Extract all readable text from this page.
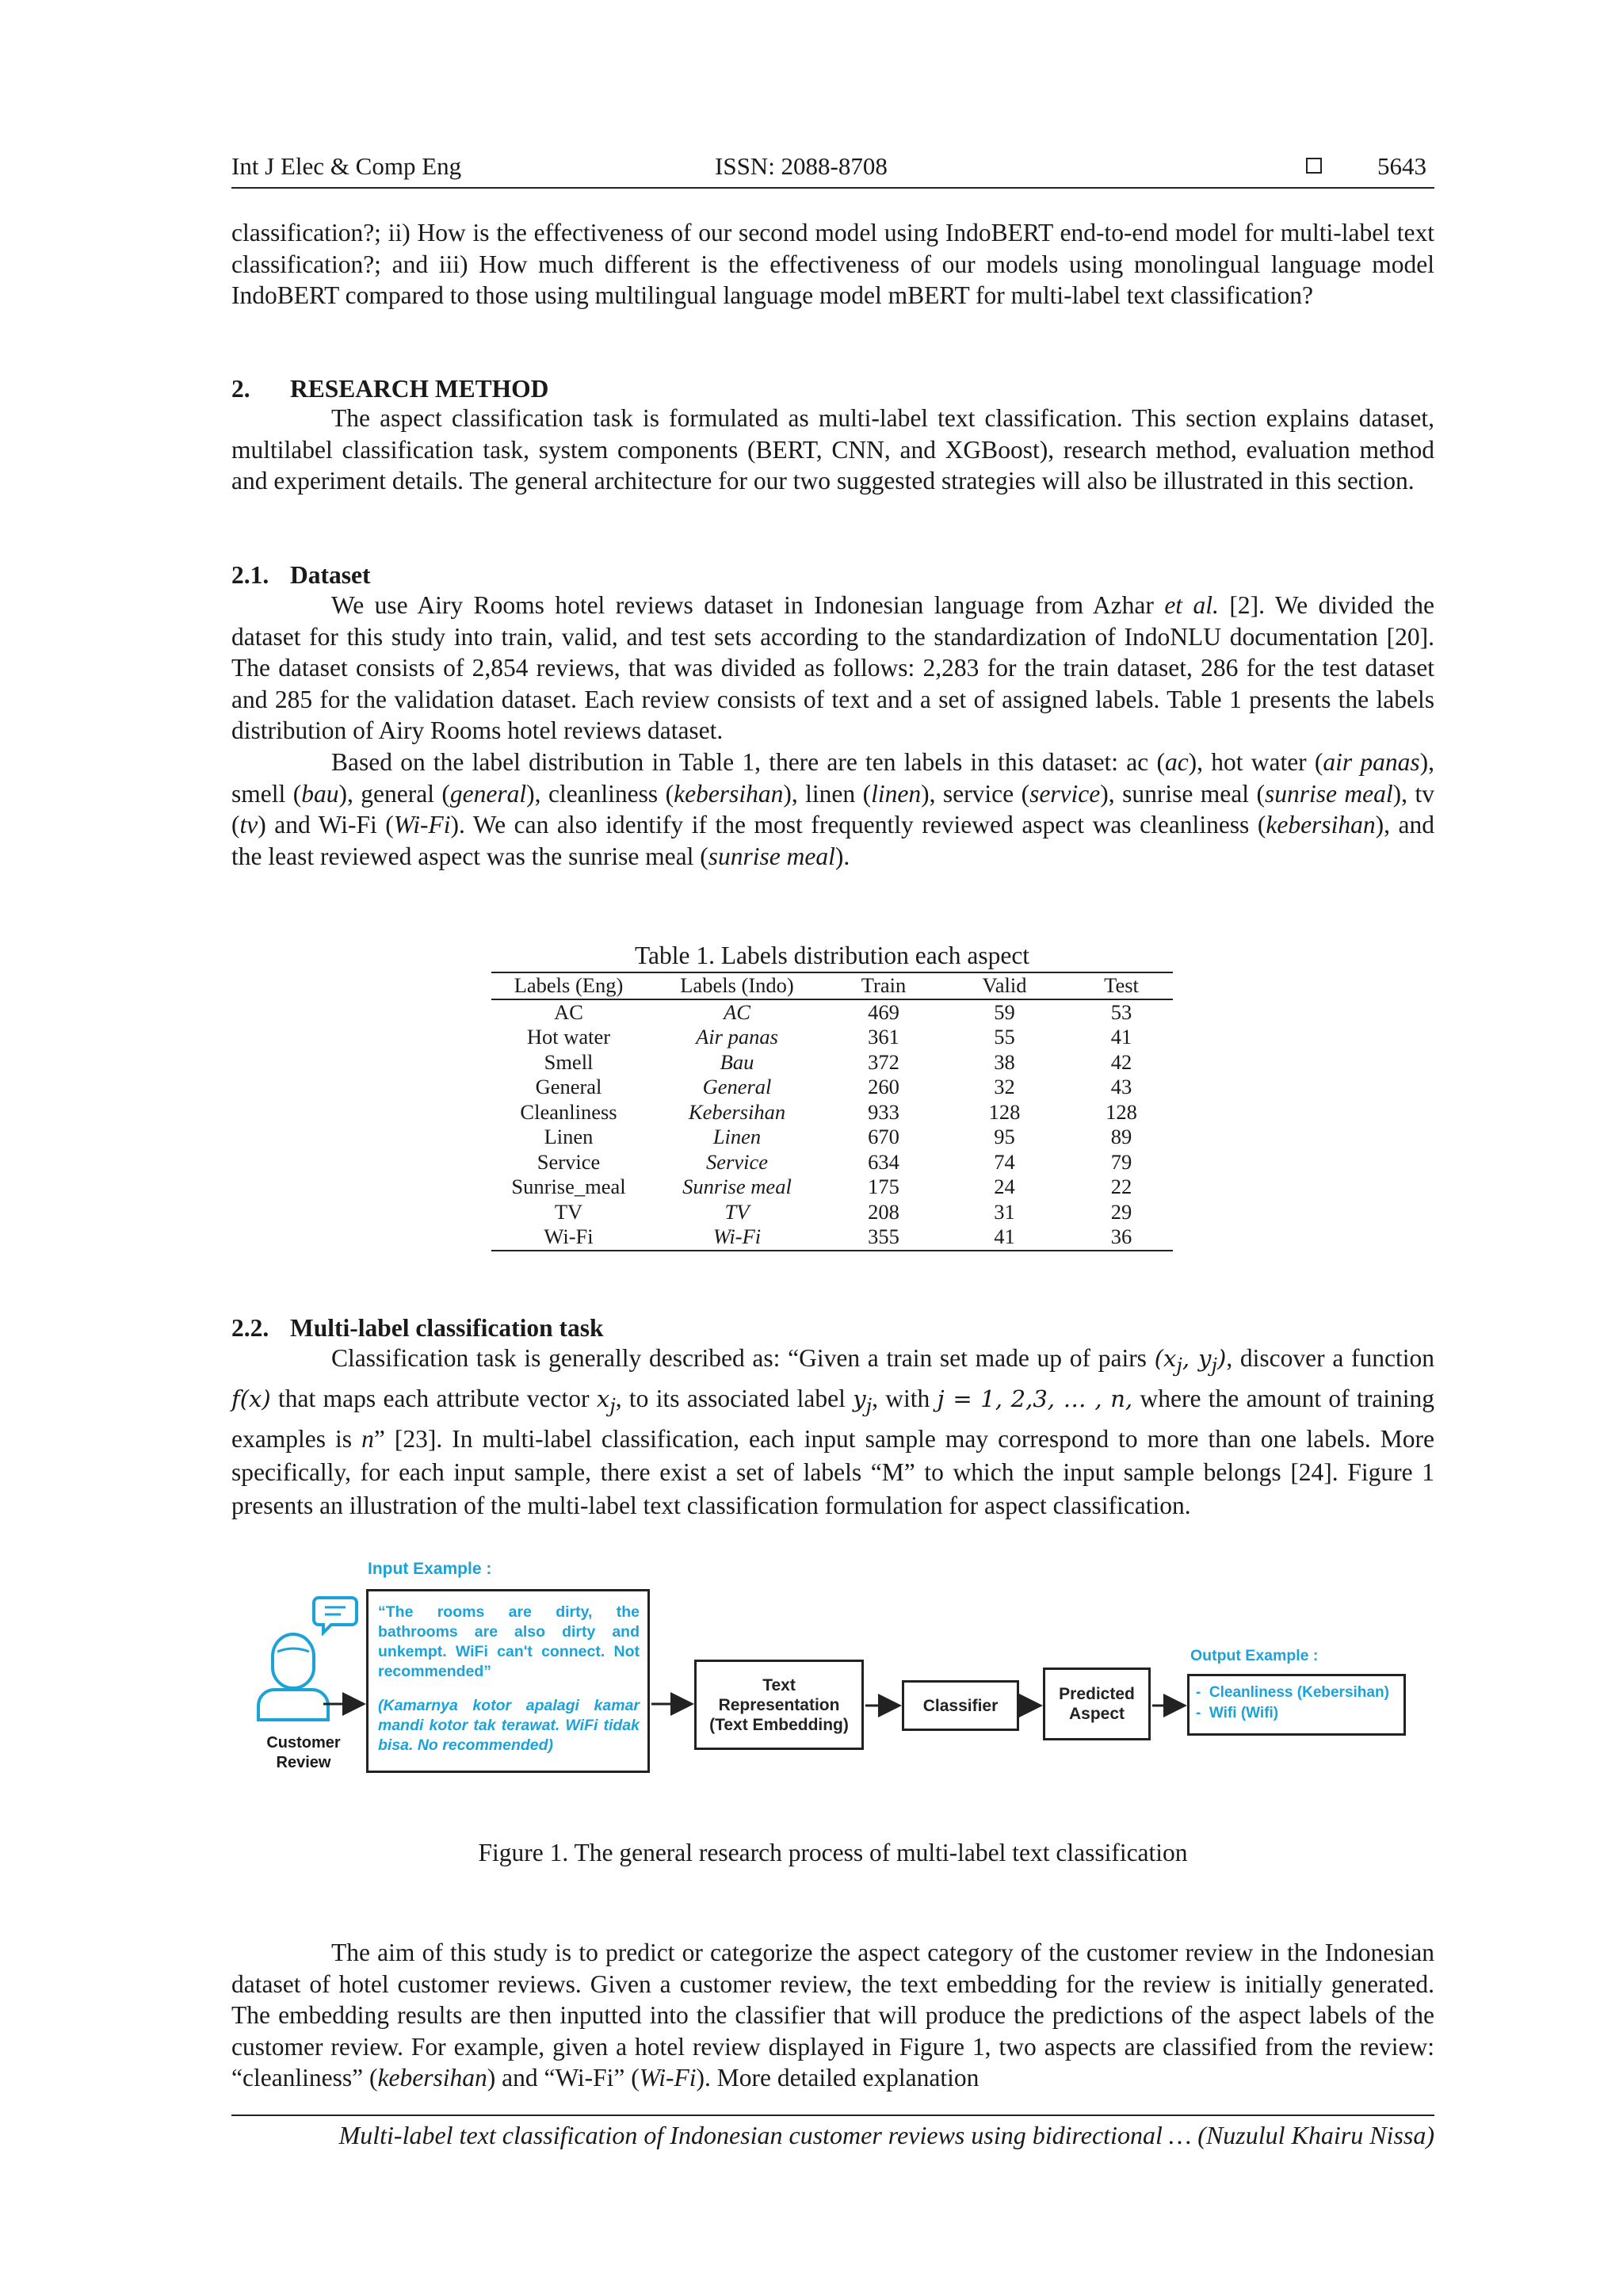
Int J Elec & Comp Eng	ISSN: 2088-8708	5643

classification?; ii) How is the effectiveness of our second model using IndoBERT end-to-end model for multi-label text classification?; and iii) How much different is the effectiveness of our models using monolingual language model IndoBERT compared to those using multilingual language model mBERT for multi-label text classification?

2. RESEARCH METHOD

The aspect classification task is formulated as multi-label text classification. This section explains dataset, multilabel classification task, system components (BERT, CNN, and XGBoost), research method, evaluation method and experiment details. The general architecture for our two suggested strategies will also be illustrated in this section.

2.1. Dataset

We use Airy Rooms hotel reviews dataset in Indonesian language from Azhar et al. [2]. We divided the dataset for this study into train, valid, and test sets according to the standardization of IndoNLU documentation [20]. The dataset consists of 2,854 reviews, that was divided as follows: 2,283 for the train dataset, 286 for the test dataset and 285 for the validation dataset. Each review consists of text and a set of assigned labels. Table 1 presents the labels distribution of Airy Rooms hotel reviews dataset.

Based on the label distribution in Table 1, there are ten labels in this dataset: ac (ac), hot water (air panas), smell (bau), general (general), cleanliness (kebersihan), linen (linen), service (service), sunrise meal (sunrise meal), tv (tv) and Wi-Fi (Wi-Fi). We can also identify if the most frequently reviewed aspect was cleanliness (kebersihan), and the least reviewed aspect was the sunrise meal (sunrise meal).

Table 1. Labels distribution each aspect
Labels (Eng)	Labels (Indo)	Train	Valid	Test
AC	AC	469	59	53
Hot water	Air panas	361	55	41
Smell	Bau	372	38	42
General	General	260	32	43
Cleanliness	Kebersihan	933	128	128
Linen	Linen	670	95	89
Service	Service	634	74	79
Sunrise_meal	Sunrise meal	175	24	22
TV	TV	208	31	29
Wi-Fi	Wi-Fi	355	41	36
2.2. Multi-label classification task

Classification task is generally described as: “Given a train set made up of pairs ($x_j$, $y_j$), discover a function f(x) that maps each attribute vector $x_j$, to its associated label $y_j$, with j = 1, 2,3, … , n, where the amount of training examples is n” [23]. In multi-label classification, each input sample may correspond to more than one labels. More specifically, for each input sample, there exist a set of labels “M” to which the input sample belongs [24]. Figure 1 presents an illustration of the multi-label text classification formulation for aspect classification.

Input Example :
Customer
Review
“The rooms are dirty, the bathrooms are also dirty and unkempt. WiFi can't connect. Not recommended”
(Kamarnya kotor apalagi kamar mandi kotor tak terawat. WiFi tidak bisa. No recommended)
Text
Representation
(Text Embedding)
Classifier
Predicted
Aspect
Output Example :
-  Cleanliness (Kebersihan)
-  Wifi (Wifi)
Figure 1. The general research process of multi-label text classification

The aim of this study is to predict or categorize the aspect category of the customer review in the Indonesian dataset of hotel customer reviews. Given a customer review, the text embedding for the review is initially generated. The embedding results are then inputted into the classifier that will produce the predictions of the aspect labels of the customer review. For example, given a hotel review displayed in Figure 1, two aspects are classified from the review: “cleanliness” (kebersihan) and “Wi-Fi” (Wi-Fi). More detailed explanation

Multi-label text classification of Indonesian customer reviews using bidirectional … (Nuzulul Khairu Nissa)
